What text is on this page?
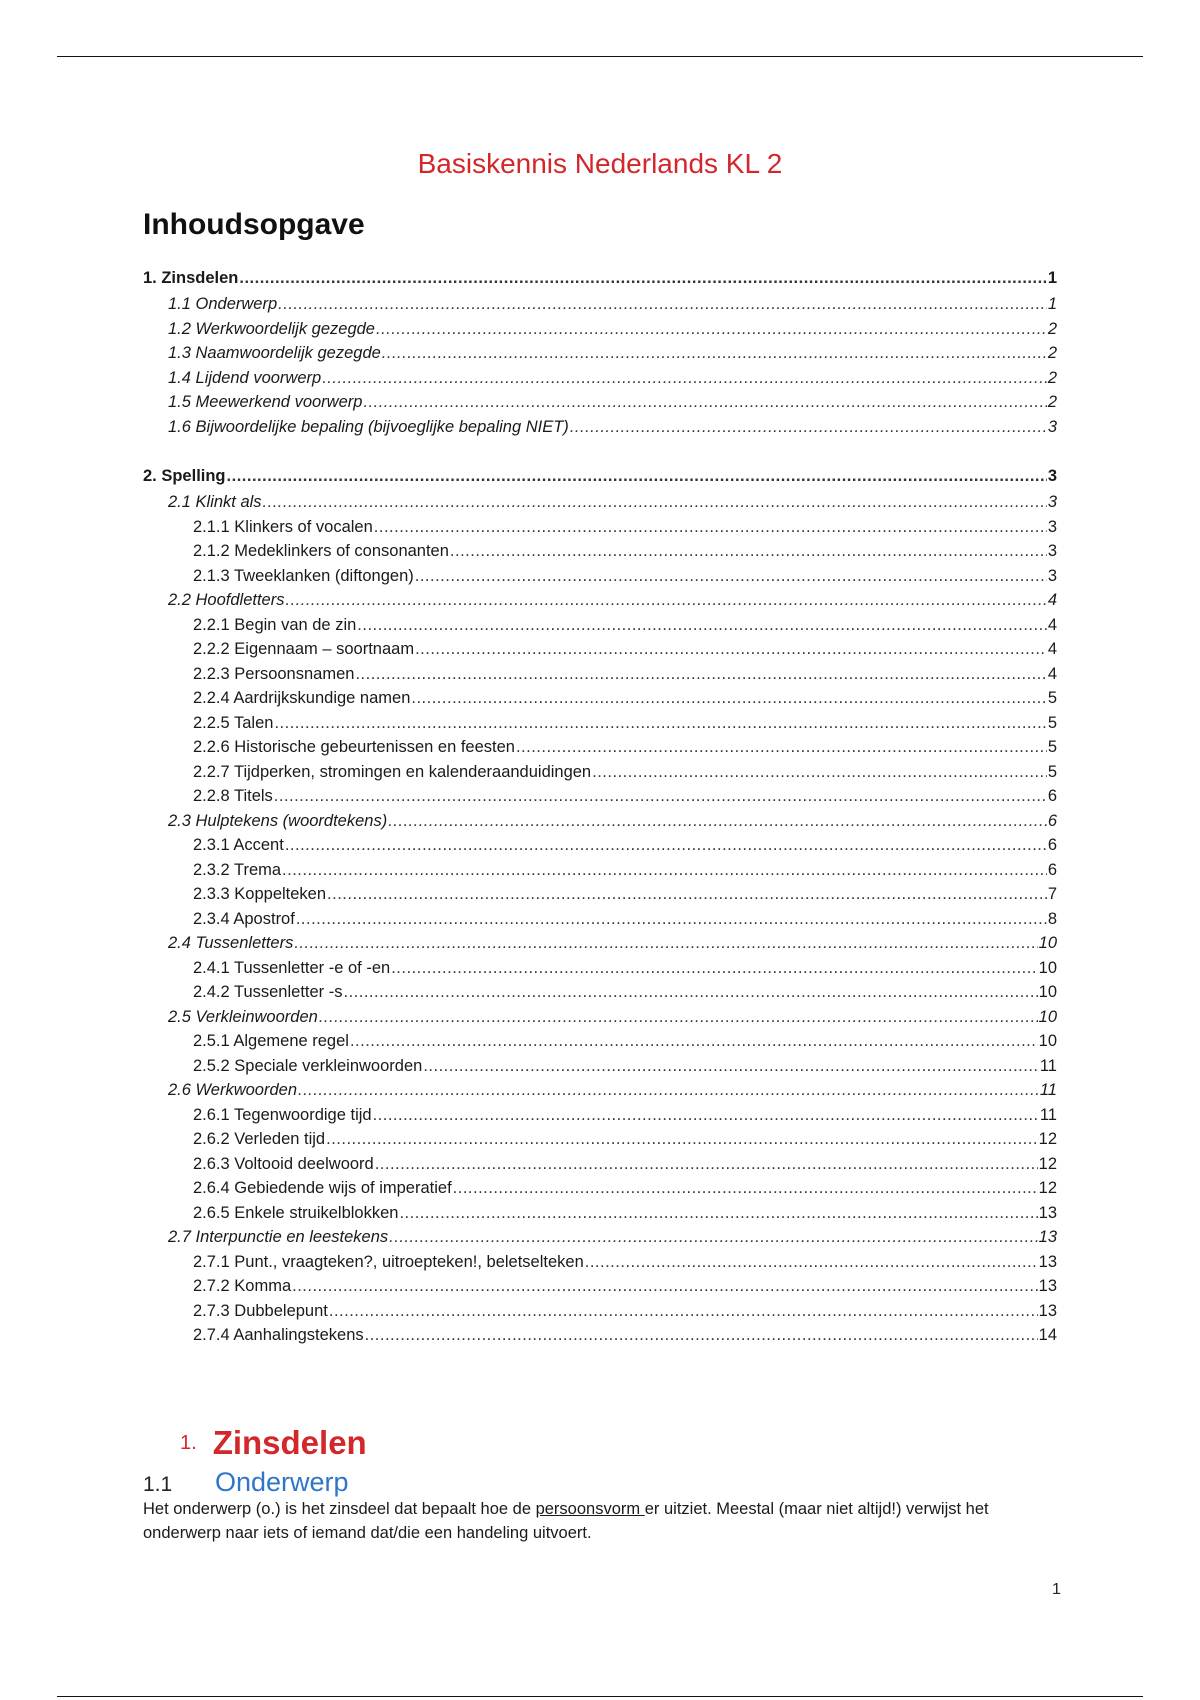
Basiskennis Nederlands KL 2
Inhoudsopgave
1. Zinsdelen .....	1
1.1 Onderwerp .....	1
1.2 Werkwoordelijk gezegde .....	2
1.3 Naamwoordelijk gezegde .....	2
1.4 Lijdend voorwerp .....	2
1.5 Meewerkend voorwerp .....	2
1.6 Bijwoordelijke bepaling (bijvoeglijke bepaling NIET) .....	3
2. Spelling .....	3
2.1 Klinkt als .....	3
2.1.1 Klinkers of vocalen .....	3
2.1.2 Medeklinkers of consonanten .....	3
2.1.3 Tweeklanken (diftongen) .....	3
2.2 Hoofdletters .....	4
2.2.1 Begin van de zin .....	4
2.2.2 Eigennaam – soortnaam .....	4
2.2.3 Persoonsnamen .....	4
2.2.4 Aardrijkskundige namen .....	5
2.2.5 Talen .....	5
2.2.6 Historische gebeurtenissen en feesten .....	5
2.2.7 Tijdperken, stromingen en kalenderaanduidingen .....	5
2.2.8 Titels .....	6
2.3 Hulptekens (woordtekens) .....	6
2.3.1 Accent .....	6
2.3.2 Trema .....	6
2.3.3 Koppelteken .....	7
2.3.4 Apostrof .....	8
2.4 Tussenletters .....	10
2.4.1 Tussenletter -e of -en .....	10
2.4.2 Tussenletter -s .....	10
2.5 Verkleinwoorden .....	10
2.5.1 Algemene regel .....	10
2.5.2 Speciale verkleinwoorden .....	11
2.6 Werkwoorden .....	11
2.6.1 Tegenwoordige tijd .....	11
2.6.2 Verleden tijd .....	12
2.6.3 Voltooid deelwoord .....	12
2.6.4 Gebiedende wijs of imperatief .....	12
2.6.5 Enkele struikelblokken .....	13
2.7 Interpunctie en leestekens .....	13
2.7.1 Punt., vraagteken?, uitroepteken!, beletselteken .....	13
2.7.2 Komma .....	13
2.7.3 Dubbelepunt .....	13
2.7.4 Aanhalingstekens .....	14
1. Zinsdelen
1.1 Onderwerp
Het onderwerp (o.) is het zinsdeel dat bepaalt hoe de persoonsvorm er uitziet. Meestal (maar niet altijd!) verwijst het onderwerp naar iets of iemand dat/die een handeling uitvoert.
1
